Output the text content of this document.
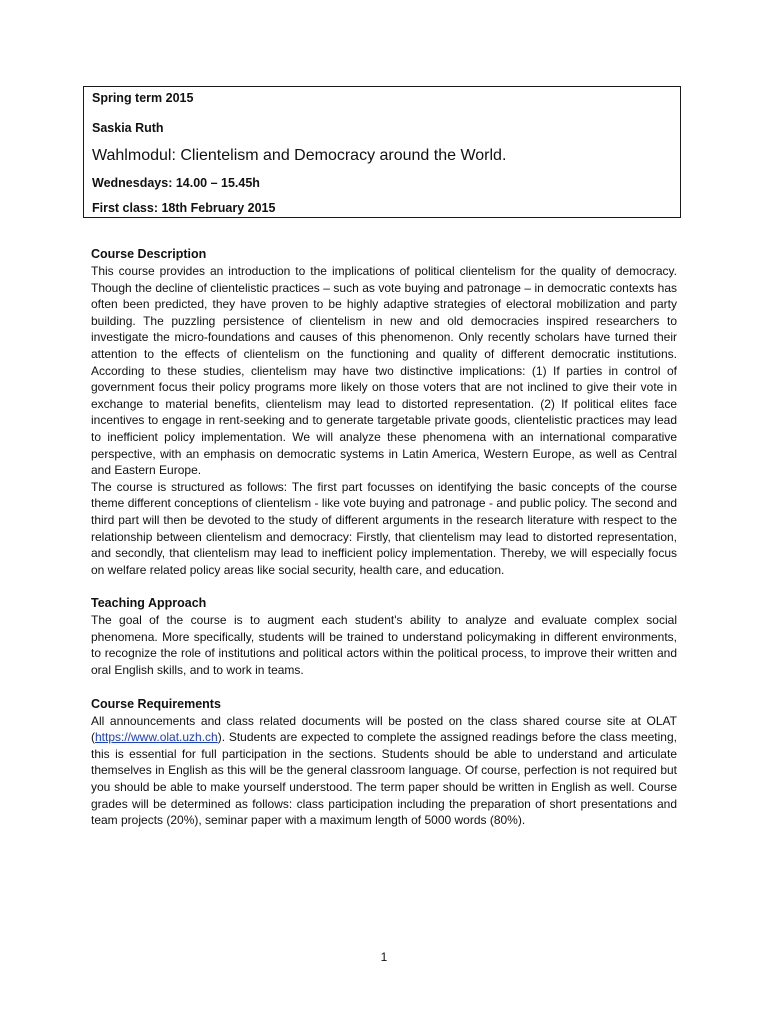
Spring term 2015

Saskia Ruth

Wahlmodul: Clientelism and Democracy around the World.

Wednesdays: 14.00 – 15.45h

First class: 18th February 2015

Course Description

This course provides an introduction to the implications of political clientelism for the quality of democracy. Though the decline of clientelistic practices – such as vote buying and patronage – in democratic contexts has often been predicted, they have proven to be highly adaptive strategies of electoral mobilization and party building. The puzzling persistence of clientelism in new and old democracies inspired researchers to investigate the micro-foundations and causes of this phenomenon. Only recently scholars have turned their attention to the effects of clientelism on the functioning and quality of different democratic institutions. According to these studies, clientelism may have two distinctive implications: (1) If parties in control of government focus their policy programs more likely on those voters that are not inclined to give their vote in exchange to material benefits, clientelism may lead to distorted representation. (2) If political elites face incentives to engage in rent-seeking and to generate targetable private goods, clientelistic practices may lead to inefficient policy implementation. We will analyze these phenomena with an international comparative perspective, with an emphasis on democratic systems in Latin America, Western Europe, as well as Central and Eastern Europe.

The course is structured as follows: The first part focusses on identifying the basic concepts of the course theme different conceptions of clientelism - like vote buying and patronage - and public policy. The second and third part will then be devoted to the study of different arguments in the research literature with respect to the relationship between clientelism and democracy: Firstly, that clientelism may lead to distorted representation, and secondly, that clientelism may lead to inefficient policy implementation. Thereby, we will especially focus on welfare related policy areas like social security, health care, and education.

Teaching Approach

The goal of the course is to augment each student's ability to analyze and evaluate complex social phenomena. More specifically, students will be trained to understand policymaking in different environments, to recognize the role of institutions and political actors within the political process, to improve their written and oral English skills, and to work in teams.

Course Requirements

All announcements and class related documents will be posted on the class shared course site at OLAT (https://www.olat.uzh.ch). Students are expected to complete the assigned readings before the class meeting, this is essential for full participation in the sections. Students should be able to understand and articulate themselves in English as this will be the general classroom language. Of course, perfection is not required but you should be able to make yourself understood. The term paper should be written in English as well. Course grades will be determined as follows: class participation including the preparation of short presentations and team projects (20%), seminar paper with a maximum length of 5000 words (80%).

1
